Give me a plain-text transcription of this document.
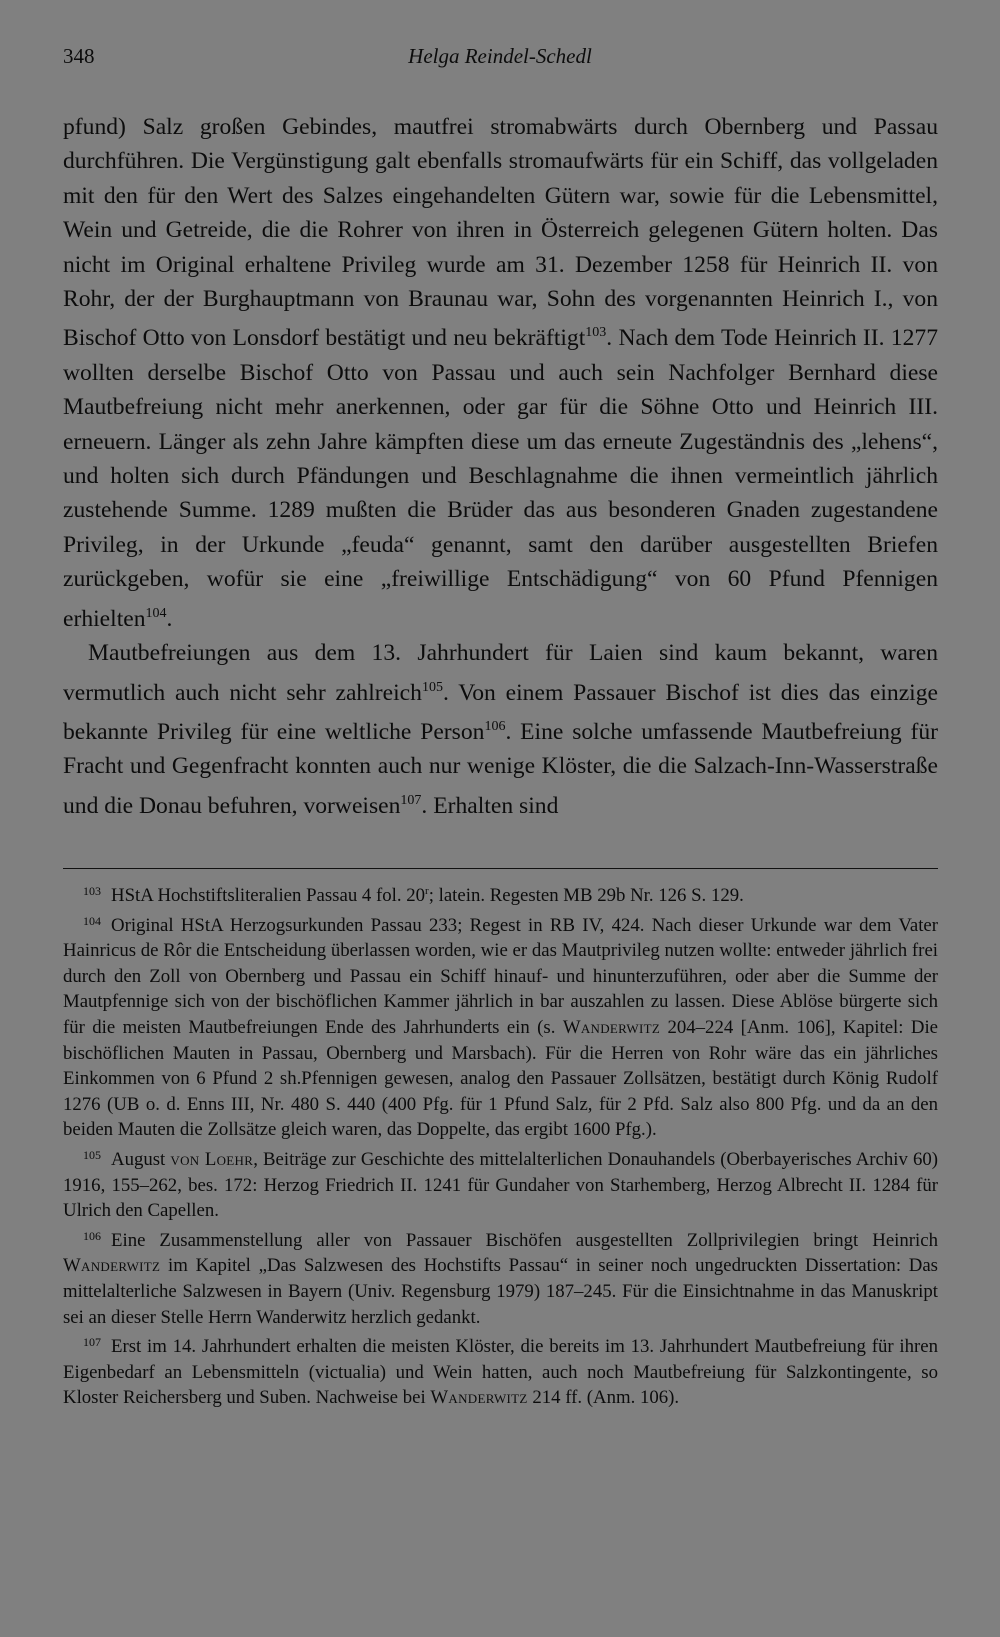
348	Helga Reindel-Schedl

pfund) Salz großen Gebindes, mautfrei stromabwärts durch Obernberg und Passau durchführen. Die Vergünstigung galt ebenfalls stromaufwärts für ein Schiff, das vollgeladen mit den für den Wert des Salzes eingehandelten Gütern war, sowie für die Lebensmittel, Wein und Getreide, die die Rohrer von ihren in Österreich gelegenen Gütern holten. Das nicht im Original erhaltene Privileg wurde am 31. Dezember 1258 für Heinrich II. von Rohr, der der Burghauptmann von Braunau war, Sohn des vorgenannten Heinrich I., von Bischof Otto von Lonsdorf bestätigt und neu bekräftigt$^{103}$. Nach dem Tode Heinrich II. 1277 wollten derselbe Bischof Otto von Passau und auch sein Nachfolger Bernhard diese Mautbefreiung nicht mehr anerkennen, oder gar für die Söhne Otto und Heinrich III. erneuern. Länger als zehn Jahre kämpften diese um das erneute Zugeständnis des „lehens“, und holten sich durch Pfändungen und Beschlagnahme die ihnen vermeintlich jährlich zustehende Summe. 1289 mußten die Brüder das aus besonderen Gnaden zugestandene Privileg, in der Urkunde „feuda“ genannt, samt den darüber ausgestellten Briefen zurückgeben, wofür sie eine „freiwillige Entschädigung“ von 60 Pfund Pfennigen erhielten$^{104}$.

Mautbefreiungen aus dem 13. Jahrhundert für Laien sind kaum bekannt, waren vermutlich auch nicht sehr zahlreich$^{105}$. Von einem Passauer Bischof ist dies das einzige bekannte Privileg für eine weltliche Person$^{106}$. Eine solche umfassende Mautbefreiung für Fracht und Gegenfracht konnten auch nur wenige Klöster, die die Salzach-Inn-Wasserstraße und die Donau befuhren, vorweisen$^{107}$. Erhalten sind

$^{103}$ HStA Hochstiftsliteralien Passau 4 fol. 20$^r$; latein. Regesten MB 29b Nr. 126 S. 129.

$^{104}$ Original HStA Herzogsurkunden Passau 233; Regest in RB IV, 424. Nach dieser Urkunde war dem Vater Hainricus de Rôr die Entscheidung überlassen worden, wie er das Mautprivileg nutzen wollte: entweder jährlich frei durch den Zoll von Obernberg und Passau ein Schiff hinauf- und hinunterzuführen, oder aber die Summe der Mautpfennige sich von der bischöflichen Kammer jährlich in bar auszahlen zu lassen. Diese Ablöse bürgerte sich für die meisten Mautbefreiungen Ende des Jahrhunderts ein (s. Wanderwitz 204–224 [Anm. 106], Kapitel: Die bischöflichen Mauten in Passau, Obernberg und Marsbach). Für die Herren von Rohr wäre das ein jährliches Einkommen von 6 Pfund 2 sh.Pfennigen gewesen, analog den Passauer Zollsätzen, bestätigt durch König Rudolf 1276 (UB o. d. Enns III, Nr. 480 S. 440 (400 Pfg. für 1 Pfund Salz, für 2 Pfd. Salz also 800 Pfg. und da an den beiden Mauten die Zollsätze gleich waren, das Doppelte, das ergibt 1600 Pfg.).

$^{105}$ August von Loehr, Beiträge zur Geschichte des mittelalterlichen Donauhandels (Oberbayerisches Archiv 60) 1916, 155–262, bes. 172: Herzog Friedrich II. 1241 für Gundaher von Starhemberg, Herzog Albrecht II. 1284 für Ulrich den Capellen.

$^{106}$ Eine Zusammenstellung aller von Passauer Bischöfen ausgestellten Zollprivilegien bringt Heinrich Wanderwitz im Kapitel „Das Salzwesen des Hochstifts Passau“ in seiner noch ungedruckten Dissertation: Das mittelalterliche Salzwesen in Bayern (Univ. Regensburg 1979) 187–245. Für die Einsichtnahme in das Manuskript sei an dieser Stelle Herrn Wanderwitz herzlich gedankt.

$^{107}$ Erst im 14. Jahrhundert erhalten die meisten Klöster, die bereits im 13. Jahrhundert Mautbefreiung für ihren Eigenbedarf an Lebensmitteln (victualia) und Wein hatten, auch noch Mautbefreiung für Salzkontingente, so Kloster Reichersberg und Suben. Nachweise bei Wanderwitz 214 ff. (Anm. 106).
